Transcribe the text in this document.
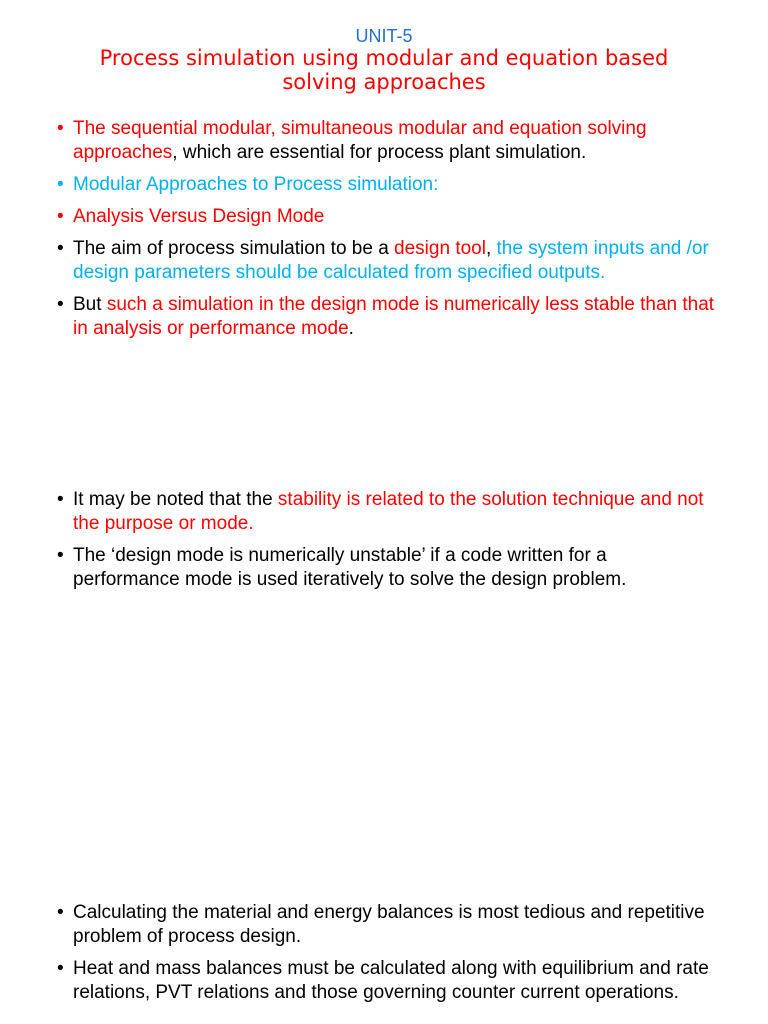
UNIT-5
Process simulation using modular and equation based solving approaches
• The sequential modular, simultaneous modular and equation solving approaches, which are essential for process plant simulation.
• Modular Approaches to Process simulation:
• Analysis Versus Design Mode
• The aim of process simulation to be a design tool, the system inputs and /or design parameters should be calculated from specified outputs.
• But such a simulation in the design mode is numerically less stable than that in analysis or performance mode.
• It may be noted that the stability is related to the solution technique and not the purpose or mode.
• The ‘design mode is numerically unstable’ if a code written for a performance mode is used iteratively to solve the design problem.
• Calculating the material and energy balances is most tedious and repetitive problem of process design.
• Heat and mass balances must be calculated along with equilibrium and rate relations, PVT relations and those governing counter current operations.
